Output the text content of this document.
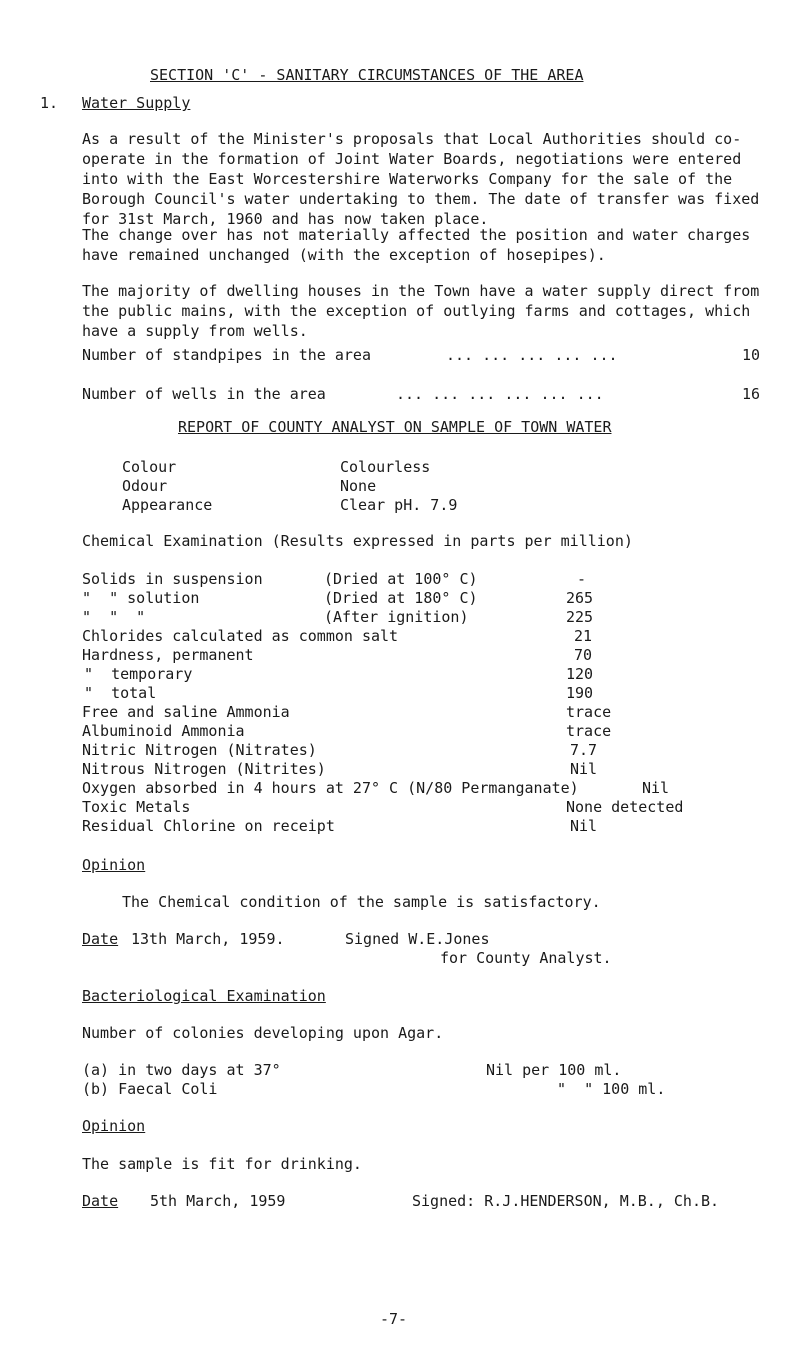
SECTION 'C' - SANITARY CIRCUMSTANCES OF THE AREA
1. Water Supply
As a result of the Minister's proposals that Local Authorities should co-operate in the formation of Joint Water Boards, negotiations were entered into with the East Worcestershire Waterworks Company for the sale of the Borough Council's water undertaking to them. The date of transfer was fixed for 31st March, 1960 and has now taken place.
The change over has not materially affected the position and water charges have remained unchanged (with the exception of hosepipes).
The majority of dwelling houses in the Town have a water supply direct from the public mains, with the exception of outlying farms and cottages, which have a supply from wells.
Number of standpipes in the area	... ... ... ... ...	10
Number of wells in the area	... ... ... ... ... ...	16
REPORT OF COUNTY ANALYST ON SAMPLE OF TOWN WATER
Colour	Colourless
Odour	None
Appearance	Clear pH. 7.9
Chemical Examination (Results expressed in parts per million)
Solids in suspension	(Dried at 100° C)	-
"  " solution	(Dried at 180° C)	265
"  "  "	(After ignition)	225
Chlorides calculated as common salt	21
Hardness, permanent	70
"  temporary	120
"  total	190
Free and saline Ammonia	trace
Albuminoid Ammonia	trace
Nitric Nitrogen (Nitrates)	7.7
Nitrous Nitrogen (Nitrites)	Nil
Oxygen absorbed in 4 hours at 27° C (N/80 Permanganate)	Nil
Toxic Metals	None detected
Residual Chlorine on receipt	Nil
Opinion
The Chemical condition of the sample is satisfactory.
Date 13th March, 1959.	Signed W.E.Jones
for County Analyst.
Bacteriological Examination
Number of colonies developing upon Agar.
(a) in two days at 37°	Nil per 100 ml.
(b) Faecal Coli	"  " 100 ml.
Opinion
The sample is fit for drinking.
Date 5th March, 1959	Signed: R.J.HENDERSON, M.B., Ch.B.
-7-
